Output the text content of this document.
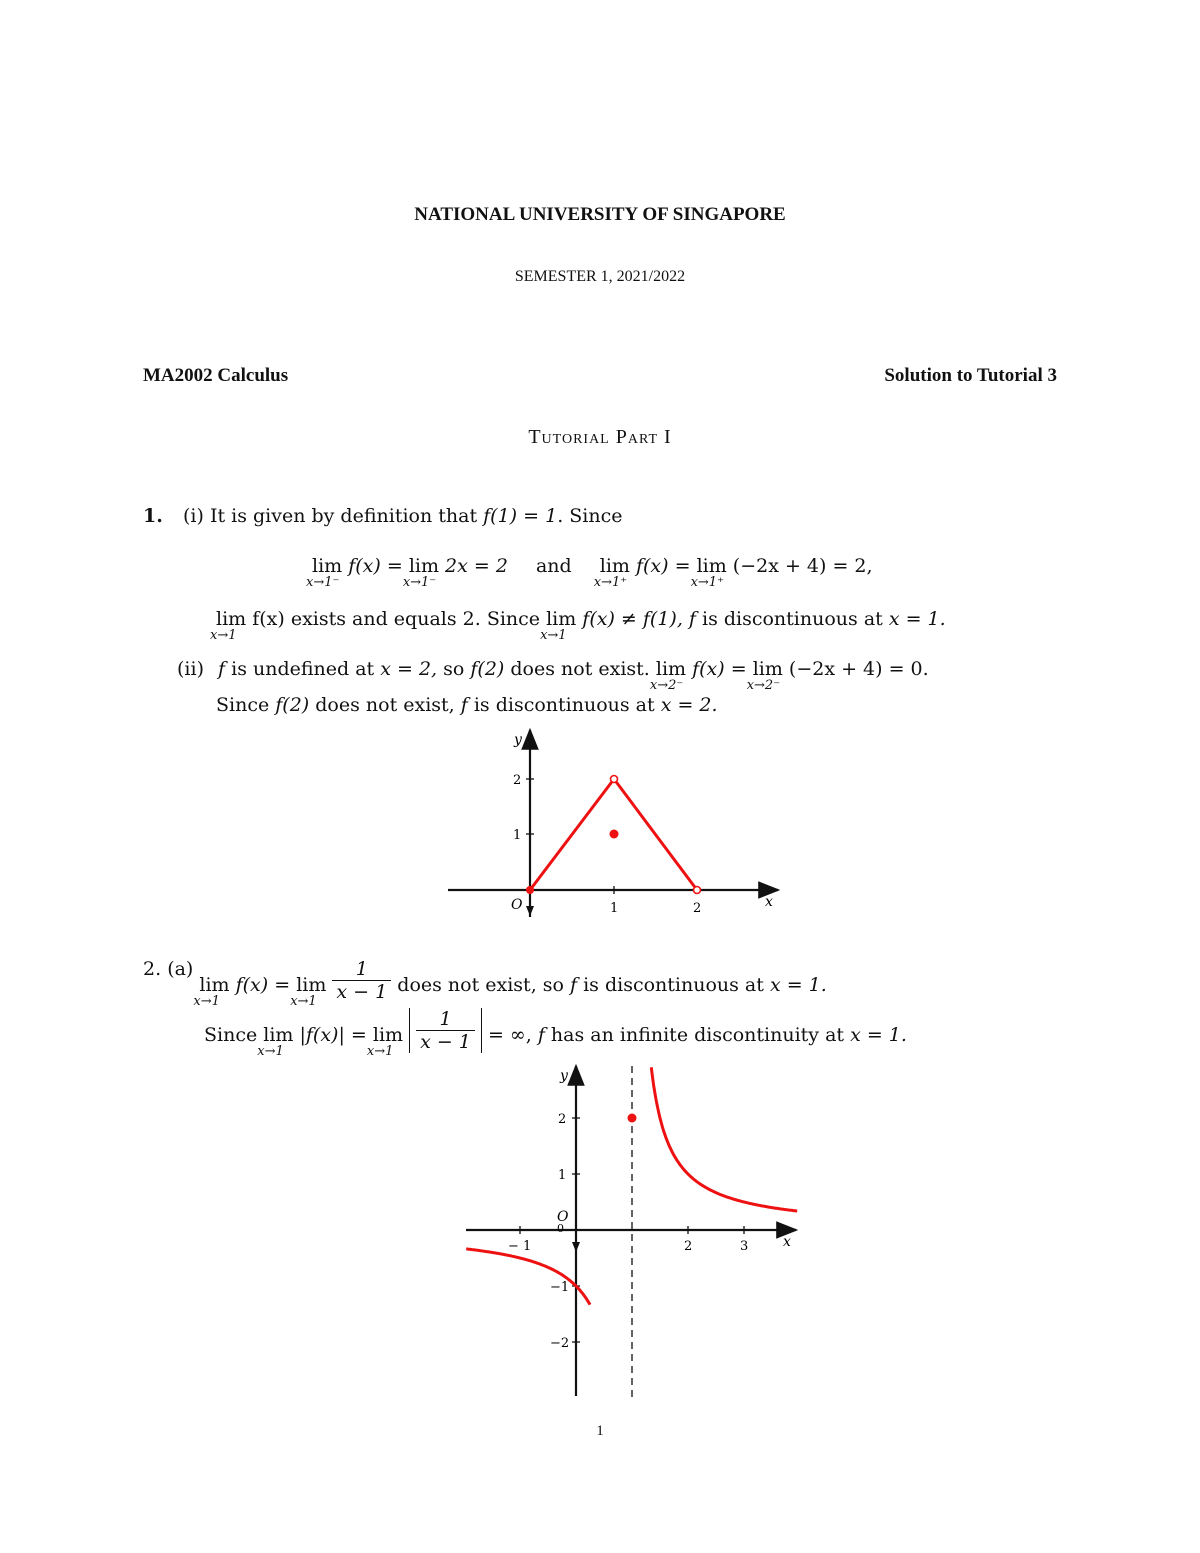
NATIONAL UNIVERSITY OF SINGAPORE
SEMESTER 1, 2021/2022
MA2002 Calculus	Solution to Tutorial 3
Tutorial Part I
1. (i) It is given by definition that f(1) = 1. Since
lim
x→1⁻
f(x) = lim
x→1⁻
2x = 2 and lim
x→1⁺
f(x) = lim
x→1⁺
(−2x + 4) = 2,
lim
x→1
f(x) exists and equals 2. Since lim
x→1
f(x) ≠ f(1), f is discontinuous at x = 1.
(ii) f is undefined at x = 2, so f(2) does not exist. lim
x→2⁻
f(x) = lim
x→2⁻
(−2x + 4) = 0.
Since f(2) does not exist, f is discontinuous at x = 2.
1	2
1
2
O	x
y
2. (a) lim
x→1
f(x) = lim
x→1
$\frac{1}{x - 1}$ does not exist, so f is discontinuous at x = 1.
Since lim
x→1
|f(x)| = lim
x→1
$\frac{1}{x - 1}$ = ∞, f has an infinite discontinuity at x = 1.
− 1	2	3
2
1
−1
−2
O
0
x
y
1
